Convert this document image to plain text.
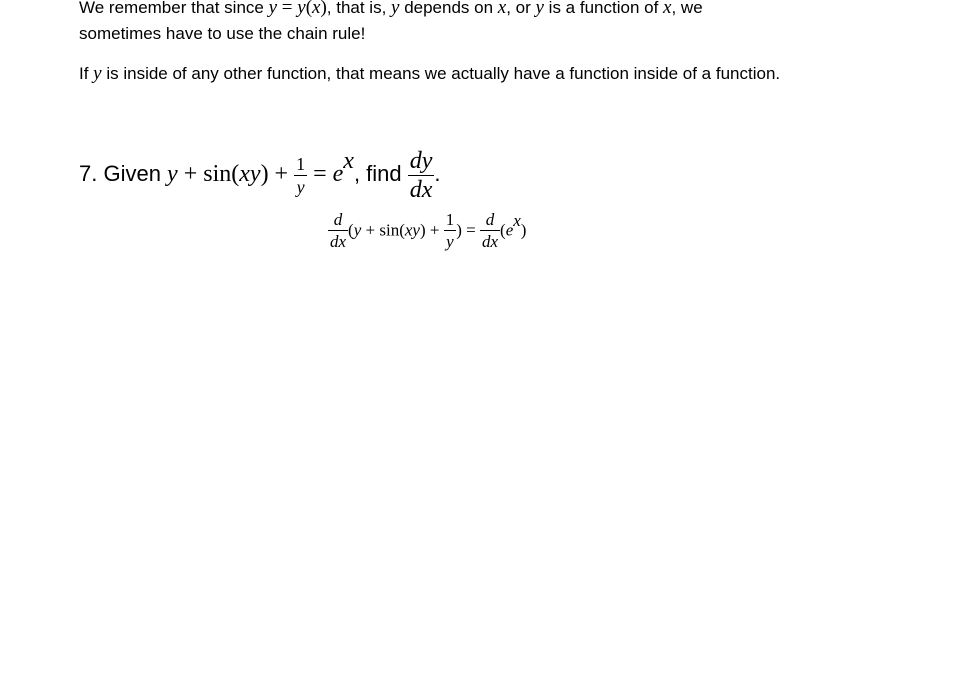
We remember that since y = y(x), that is, y depends on x, or y is a function of x, we
sometimes have to use the chain rule!
If y is inside of any other function, that means we actually have a function inside of a function.
7. Given $y + \sin(xy) + \frac{1}{y} = e^x$, find $\frac{dy}{dx}$ .
$\frac{d}{dx} (y + \sin(xy) + \frac{1}{y}$ ) = $\frac{d}{dx} (e^x)$
